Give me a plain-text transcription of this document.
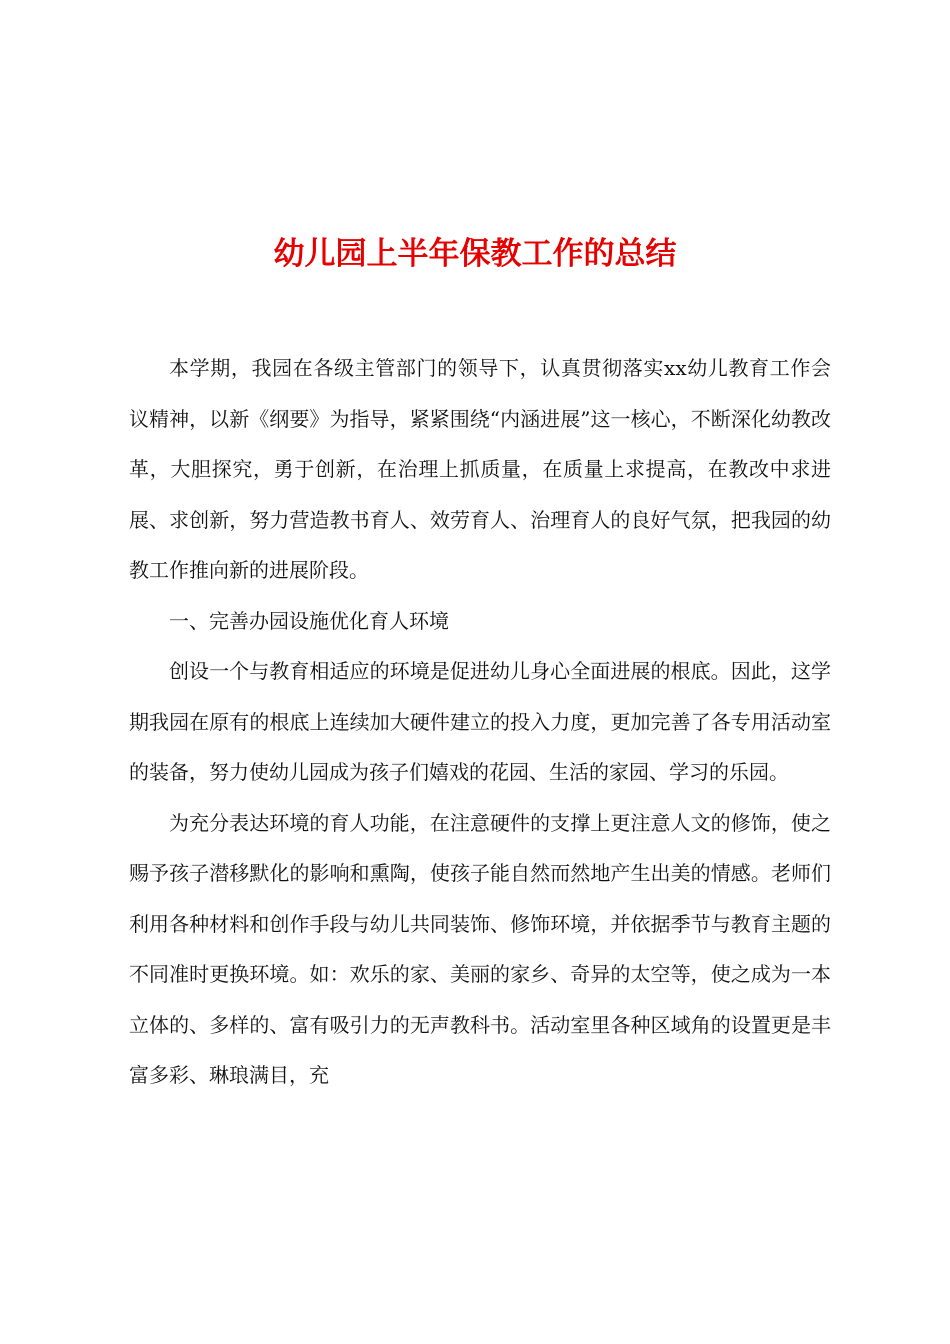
幼儿园上半年保教工作的总结

本学期，我园在各级主管部门的领导下，认真贯彻落实xx幼儿教育工作会议精神，以新《纲要》为指导，紧紧围绕“内涵进展”这一核心，不断深化幼教改革，大胆探究，勇于创新，在治理上抓质量，在质量上求提高，在教改中求进展、求创新，努力营造教书育人、效劳育人、治理育人的良好气氛，把我园的幼教工作推向新的进展阶段。

一、完善办园设施优化育人环境

创设一个与教育相适应的环境是促进幼儿身心全面进展的根底。因此，这学期我园在原有的根底上连续加大硬件建立的投入力度，更加完善了各专用活动室的装备，努力使幼儿园成为孩子们嬉戏的花园、生活的家园、学习的乐园。

为充分表达环境的育人功能，在注意硬件的支撑上更注意人文的修饰，使之赐予孩子潜移默化的影响和熏陶，使孩子能自然而然地产生出美的情感。老师们利用各种材料和创作手段与幼儿共同装饰、修饰环境，并依据季节与教育主题的不同准时更换环境。如：欢乐的家、美丽的家乡、奇异的太空等，使之成为一本立体的、多样的、富有吸引力的无声教科书。活动室里各种区域角的设置更是丰富多彩、琳琅满目，充
